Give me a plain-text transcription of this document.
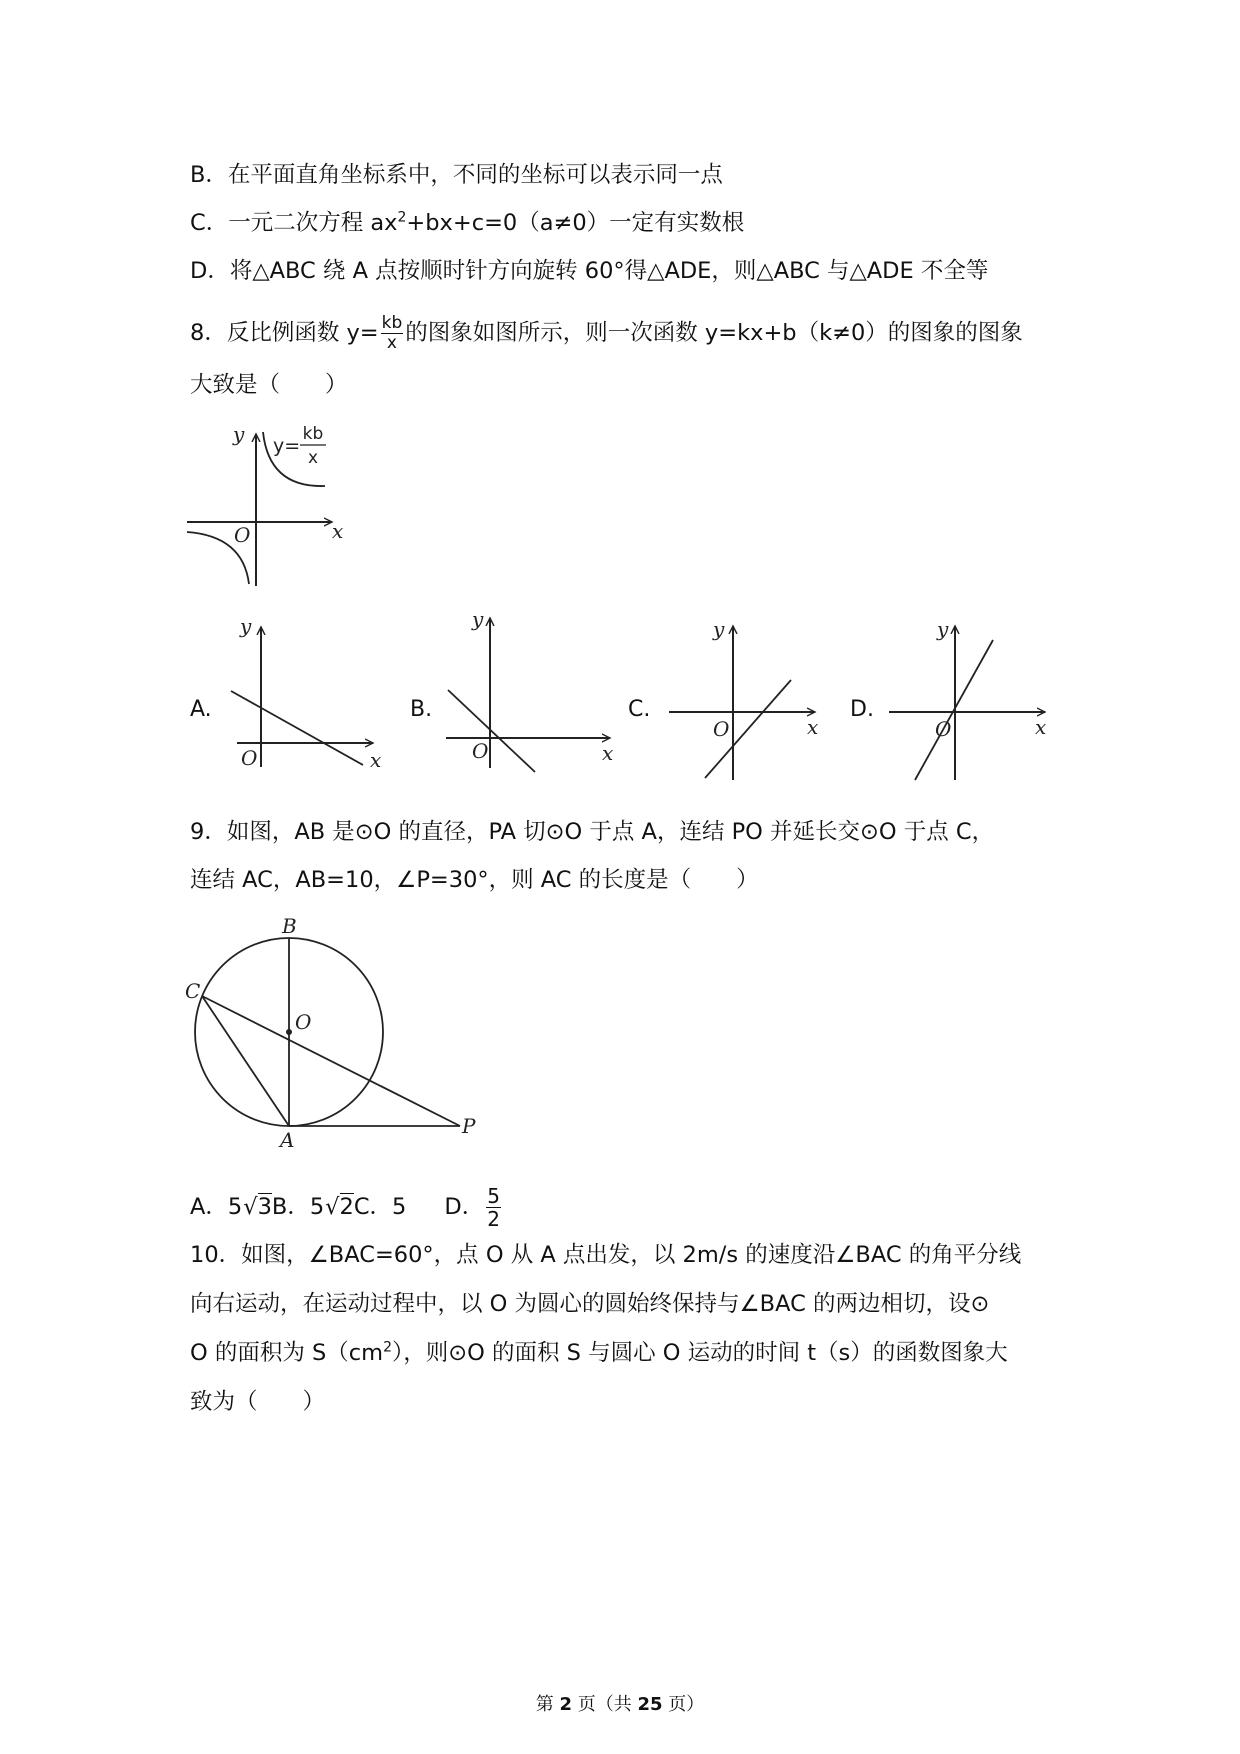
B．在平面直角坐标系中，不同的坐标可以表示同一点
C．一元二次方程 $ax^2+bx+c=0(a\ne 0)$一定有实数根
D．将△ABC 绕 A 点按顺时针方向旋转 60°得△ADE，则△ABC 与△ADE 不全等
8．反比例函数 $y= \frac{kb}{x}$ 的图象如图所示，则一次函数 y=kx+b（k≠0）的图象的图象
大致是（　　）
y
x
O
y=
kb
x
A.
y
x
O
B.
y
x
O
C.
y
x
O
D.
y
x
O
9．如图，AB 是⊙O 的直径，PA 切⊙O 于点 A，连结 PO 并延长交⊙O 于点 C，
连结 AC，AB=10，∠P=30°，则 AC 的长度是（　　）
B
C
O
A
P
A．5√3B．5√2C．5 D． $\frac{5}{2}$
10．如图，∠BAC=60°，点 O 从 A 点出发，以 2m/s 的速度沿∠BAC 的角平分线
向右运动，在运动过程中，以 O 为圆心的圆始终保持与∠BAC 的两边相切，设⊙
O 的面积为 $S(cm^2)$，则⊙O 的面积 S 与圆心 O 运动的时间 t（s）的函数图象大
致为（　　）
第 2 页（共 25 页）
